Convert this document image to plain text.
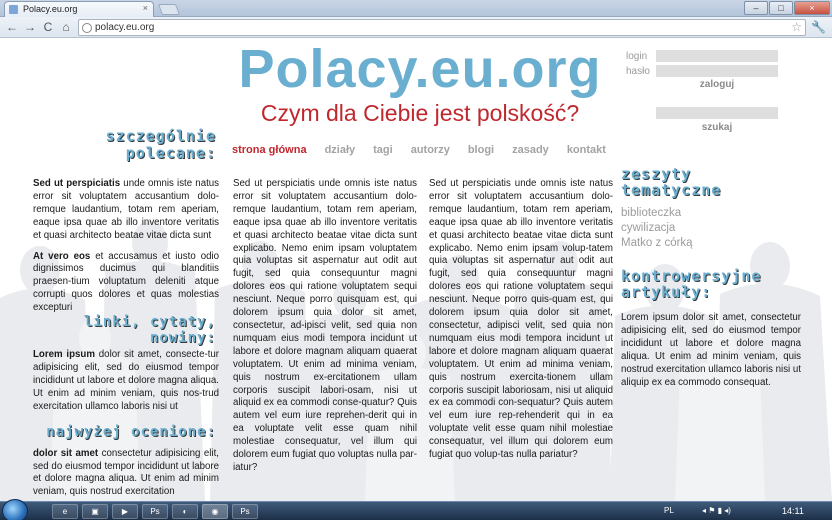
Polacy.eu.org	×	–	□	×
← → C ⌂	polacy.eu.org	☆ 🔧
Polacy.eu.org
Czym dla Ciebie jest polskość?
login
hasło
zaloguj
szukaj
szczególnie
polecane:
linki, cytaty, nowiny:
najwyżej ocenione:
zeszyty
tematyczne
kontrowersyjne
artykuły:
strona główna działy tagi autorzy blogi zasady kontakt

Sed ut perspiciatis unde omnis iste natus error sit voluptatem accusantium dolo-remque laudantium, totam rem aperiam, eaque ipsa quae ab illo inventore veritatis et quasi architecto beatae vitae dicta sunt

At vero eos et accusamus et iusto odio dignissimos ducimus qui blanditiis praesen-tium voluptatum deleniti atque corrupti quos dolores et quas molestias excepturi

Lorem ipsum dolor sit amet, consecte-tur adipisicing elit, sed do eiusmod tempor incididunt ut labore et dolore magna aliqua. Ut enim ad minim veniam, quis nos-trud exercitation ullamco laboris nisi ut

dolor sit amet consectetur adipisicing elit, sed do eiusmod tempor incididunt ut labore et dolore magna aliqua. Ut enim ad minim veniam, quis nostrud exercitation

Sed ut perspiciatis unde omnis iste natus error sit voluptatem accusantium dolo-remque laudantium, totam rem aperiam, eaque ipsa quae ab illo inventore veritatis et quasi architecto beatae vitae dicta sunt explicabo. Nemo enim ipsam voluptatem quia voluptas sit aspernatur aut odit aut fugit, sed quia consequuntur magni dolores eos qui ratione voluptatem sequi nesciunt. Neque porro quisquam est, qui dolorem ipsum quia dolor sit amet, consectetur, ad-ipisci velit, sed quia non numquam eius modi tempora incidunt ut labore et dolore magnam aliquam quaerat voluptatem. Ut enim ad minima veniam, quis nostrum ex-ercitationem ullam corporis suscipit labori-osam, nisi ut aliquid ex ea commodi conse-quatur? Quis autem vel eum iure reprehen-derit qui in ea voluptate velit esse quam nihil molestiae consequatur, vel illum qui dolorem eum fugiat quo voluptas nulla par-iatur?

Sed ut perspiciatis unde omnis iste natus error sit voluptatem accusantium dolo-remque laudantium, totam rem aperiam, eaque ipsa quae ab illo inventore veritatis et quasi architecto beatae vitae dicta sunt explicabo. Nemo enim ipsam volup-tatem quia voluptas sit aspernatur aut odit aut fugit, sed quia consequuntur magni dolores eos qui ratione voluptatem sequi nesciunt. Neque porro quis-quam est, qui dolorem ipsum quia dolor sit amet, consectetur, adipisci velit, sed quia non numquam eius modi tempora incidunt ut labore et dolore magnam aliquam quaerat voluptatem. Ut enim ad minima veniam, quis nostrum exercita-tionem ullam corporis suscipit laboriosam, nisi ut aliquid ex ea commodi con-sequatur? Quis autem vel eum iure rep-rehenderit qui in ea voluptate velit esse quam nihil molestiae consequatur, vel illum qui dolorem eum fugiat quo volup-tas nulla pariatur?

biblioteczka
cywilizacja
Matko z córką

Lorem ipsum dolor sit amet, consectetur adipisicing elit, sed do eiusmod tempor incididunt ut labore et dolore magna aliqua. Ut enim ad minim veniam, quis nostrud exercitation ullamco laboris nisi ut aliquip ex ea commodo consequat.

e	▣	▶	Ps	◐	◉	Ps	PL	◂ ⚑ ▮ ◂)	14:11
